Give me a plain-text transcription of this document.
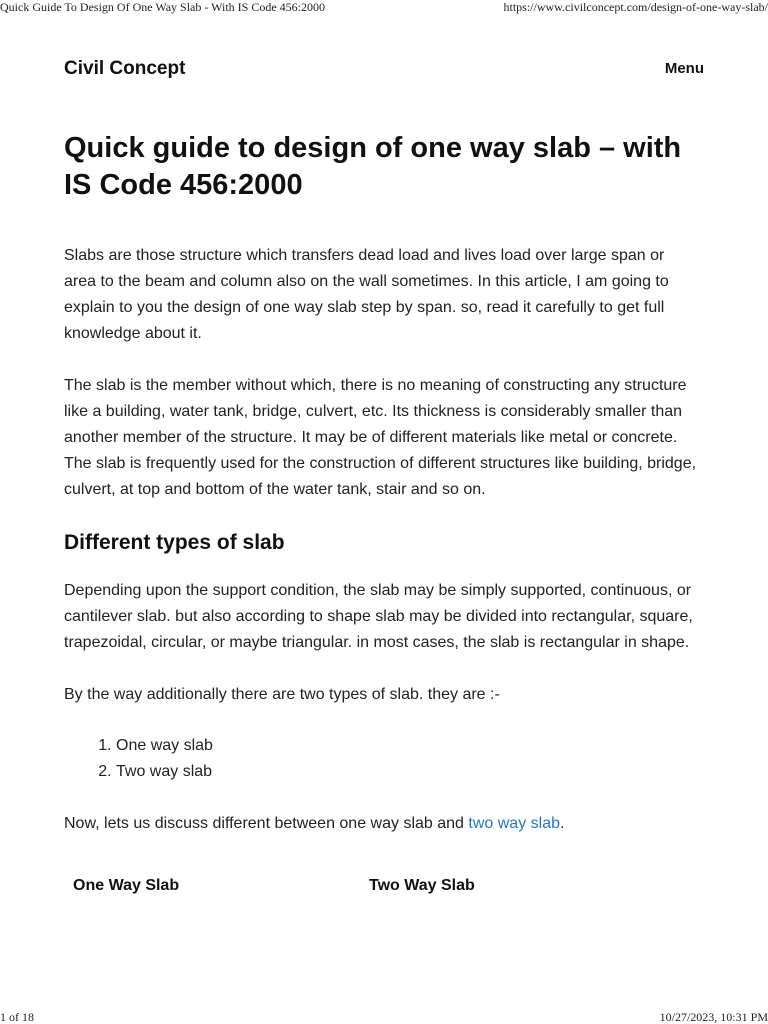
Quick Guide To Design Of One Way Slab - With IS Code 456:2000	https://www.civilconcept.com/design-of-one-way-slab/
Civil Concept	Menu
Quick guide to design of one way slab – with IS Code 456:2000

Slabs are those structure which transfers dead load and lives load over large span or area to the beam and column also on the wall sometimes. In this article, I am going to explain to you the design of one way slab step by span. so, read it carefully to get full knowledge about it.

The slab is the member without which, there is no meaning of constructing any structure like a building, water tank, bridge, culvert, etc. Its thickness is considerably smaller than another member of the structure. It may be of different materials like metal or concrete. The slab is frequently used for the construction of different structures like building, bridge, culvert, at top and bottom of the water tank, stair and so on.

Different types of slab

Depending upon the support condition, the slab may be simply supported, continuous, or cantilever slab. but also according to shape slab may be divided into rectangular, square, trapezoidal, circular, or maybe triangular. in most cases, the slab is rectangular in shape.

By the way additionally there are two types of slab. they are :-

1. One way slab
2. Two way slab

Now, lets us discuss different between one way slab and two way slab.

One Way Slab	Two Way Slab
1 of 18	10/27/2023, 10:31 PM
